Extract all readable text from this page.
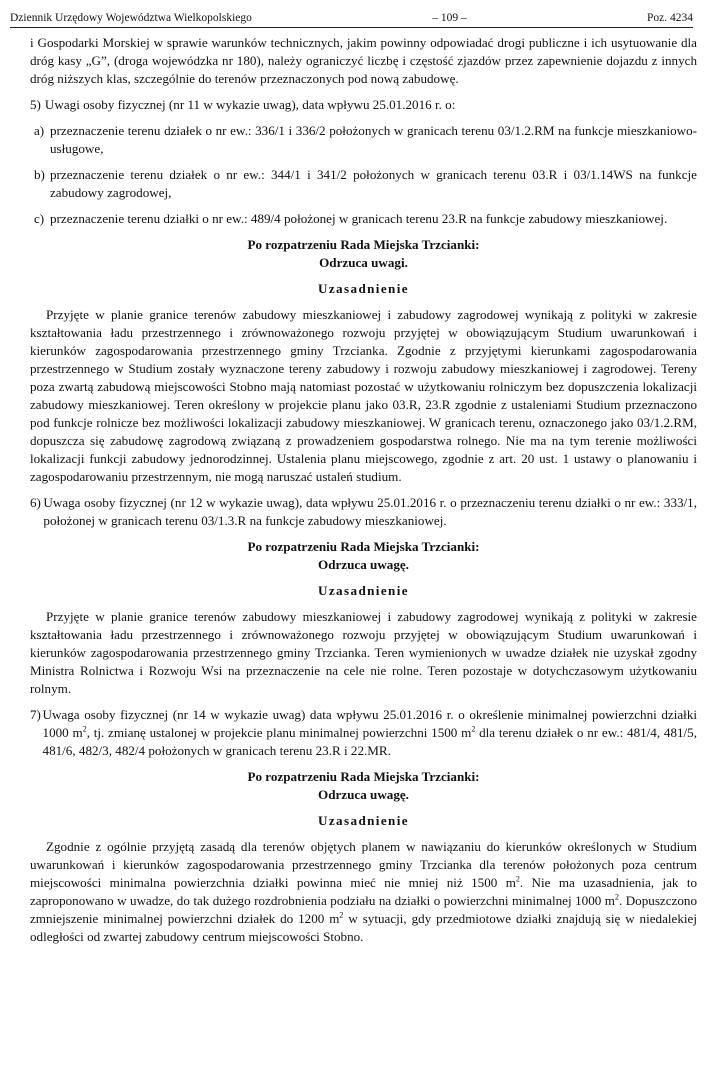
Dziennik Urzędowy Województwa Wielkopolskiego	– 109 –	Poz. 4234

i Gospodarki Morskiej w sprawie warunków technicznych, jakim powinny odpowiadać drogi publiczne i ich usytuowanie dla dróg kasy „G”, (droga wojewódzka nr 180), należy ograniczyć liczbę i częstość zjazdów przez zapewnienie dojazdu z innych dróg niższych klas, szczególnie do terenów przeznaczonych pod nową zabudowę.

5) Uwagi osoby fizycznej (nr 11 w wykazie uwag), data wpływu 25.01.2016 r. o:
a) przeznaczenie terenu działek o nr ew.: 336/1 i 336/2 położonych w granicach terenu 03/1.2.RM na funkcje mieszkaniowo-usługowe,
b) przeznaczenie terenu działek o nr ew.: 344/1 i 341/2 położonych w granicach terenu 03.R i 03/1.14WS na funkcje zabudowy zagrodowej,
c) przeznaczenie terenu działki o nr ew.: 489/4 położonej w granicach terenu 23.R na funkcje zabudowy mieszkaniowej.

Po rozpatrzeniu Rada Miejska Trzcianki:

Odrzuca uwagi.

Uzasadnienie

Przyjęte w planie granice terenów zabudowy mieszkaniowej i zabudowy zagrodowej wynikają z polityki w zakresie kształtowania ładu przestrzennego i zrównoważonego rozwoju przyjętej w obowiązującym Studium uwarunkowań i kierunków zagospodarowania przestrzennego gminy Trzcianka. Zgodnie z przyjętymi kierunkami zagospodarowania przestrzennego w Studium zostały wyznaczone tereny zabudowy i rozwoju zabudowy mieszkaniowej i zagrodowej. Tereny poza zwartą zabudową miejscowości Stobno mają natomiast pozostać w użytkowaniu rolniczym bez dopuszczenia lokalizacji zabudowy mieszkaniowej. Teren określony w projekcie planu jako 03.R, 23.R zgodnie z ustaleniami Studium przeznaczono pod funkcje rolnicze bez możliwości lokalizacji zabudowy mieszkaniowej. W granicach terenu, oznaczonego jako 03/1.2.RM, dopuszcza się zabudowę zagrodową związaną z prowadzeniem gospodarstwa rolnego. Nie ma na tym terenie możliwości lokalizacji funkcji zabudowy jednorodzinnej. Ustalenia planu miejscowego, zgodnie z art. 20 ust. 1 ustawy o planowaniu i zagospodarowaniu przestrzennym, nie mogą naruszać ustaleń studium.

6) Uwaga osoby fizycznej (nr 12 w wykazie uwag), data wpływu 25.01.2016 r. o przeznaczeniu terenu działki o nr ew.: 333/1, położonej w granicach terenu 03/1.3.R na funkcje zabudowy mieszkaniowej.

Po rozpatrzeniu Rada Miejska Trzcianki:

Odrzuca uwagę.

Uzasadnienie

Przyjęte w planie granice terenów zabudowy mieszkaniowej i zabudowy zagrodowej wynikają z polityki w zakresie kształtowania ładu przestrzennego i zrównoważonego rozwoju przyjętej w obowiązującym Studium uwarunkowań i kierunków zagospodarowania przestrzennego gminy Trzcianka. Teren wymienionych w uwadze działek nie uzyskał zgodny Ministra Rolnictwa i Rozwoju Wsi na przeznaczenie na cele nie rolne. Teren pozostaje w dotychczasowym użytkowaniu rolnym.

7) Uwaga osoby fizycznej (nr 14 w wykazie uwag) data wpływu 25.01.2016 r. o określenie minimalnej powierzchni działki 1000 $m^2$, tj. zmianę ustalonej w projekcie planu minimalnej powierzchni 1500 $m^2$ dla terenu działek o nr ew.: 481/4, 481/5, 481/6, 482/3, 482/4 położonych w granicach terenu 23.R i 22.MR.

Po rozpatrzeniu Rada Miejska Trzcianki:

Odrzuca uwagę.

Uzasadnienie

Zgodnie z ogólnie przyjętą zasadą dla terenów objętych planem w nawiązaniu do kierunków określonych w Studium uwarunkowań i kierunków zagospodarowania przestrzennego gminy Trzcianka dla terenów położonych poza centrum miejscowości minimalna powierzchnia działki powinna mieć nie mniej niż 1500 $m^2$. Nie ma uzasadnienia, jak to zaproponowano w uwadze, do tak dużego rozdrobnienia podziału na działki o powierzchni minimalnej 1000 $m^2$. Dopuszczono zmniejszenie minimalnej powierzchni działek do 1200 $m^2$ w sytuacji, gdy przedmiotowe działki znajdują się w niedalekiej odległości od zwartej zabudowy centrum miejscowości Stobno.
